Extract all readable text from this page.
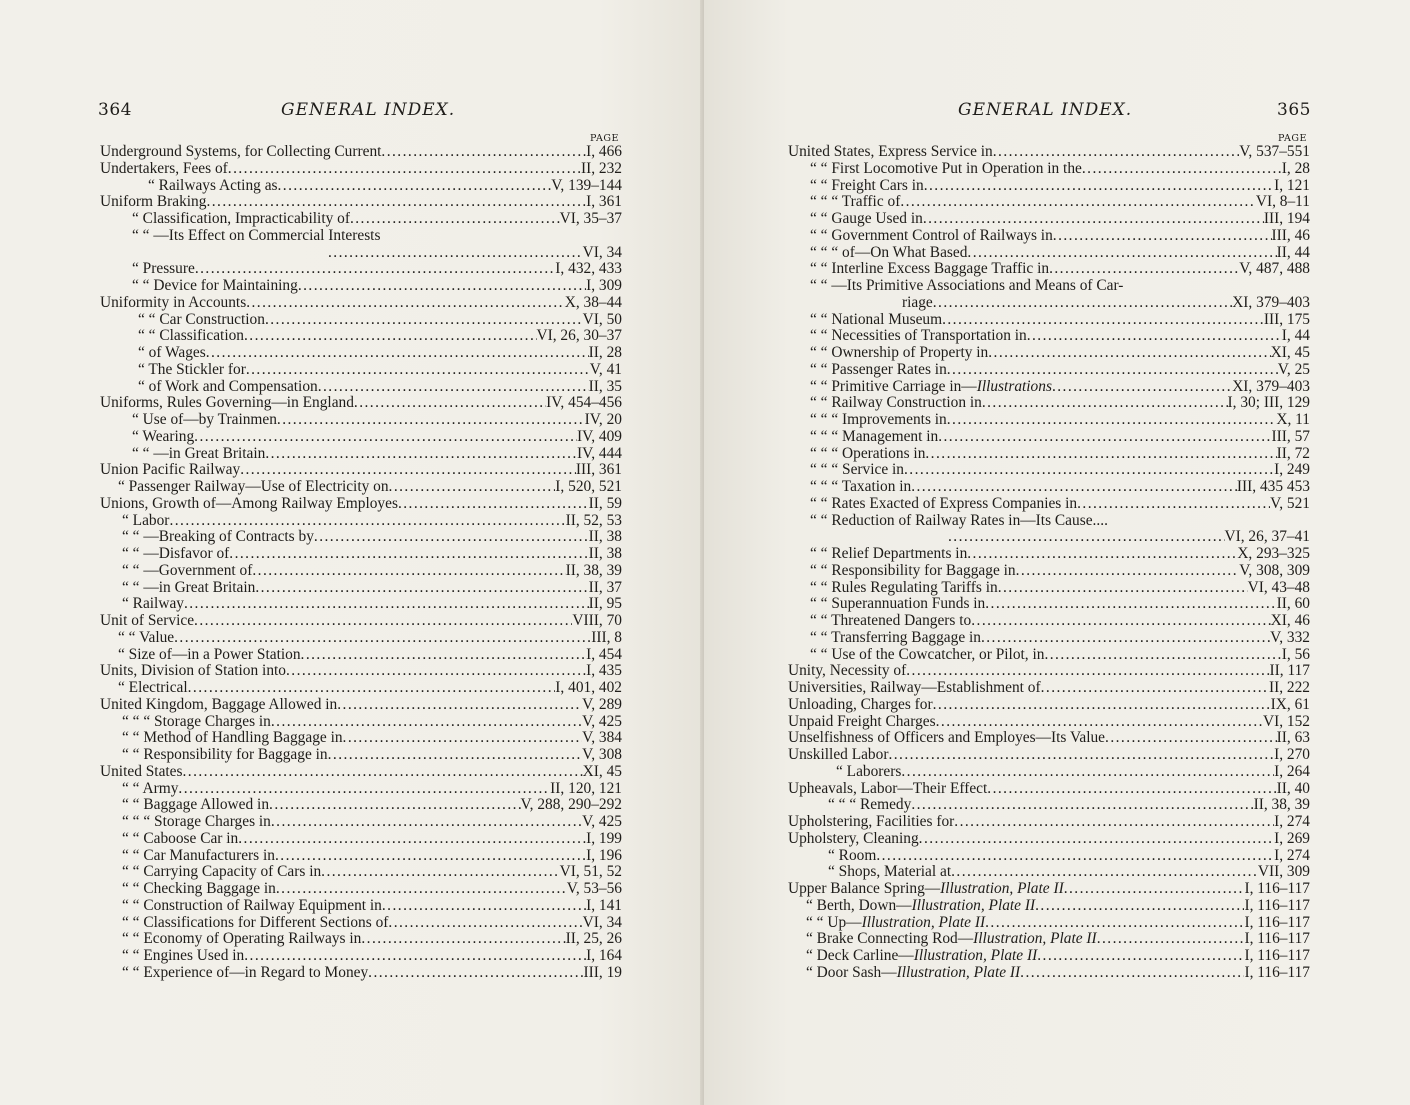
364	GENERAL INDEX.
PAGE
Underground Systems, for Collecting Current . . .	I, 466
Undertakers, Fees of . . .	II, 232
“ Railways Acting as . . .	V, 139–144
Uniform Braking . . .	I, 361
“ Classification, Impracticability of . . .	VI, 35–37
“ “ —Its Effect on Commercial Interests
. . .
VI, 34
“ Pressure . . .	I, 432, 433
“ “ Device for Maintaining . . .	I, 309
Uniformity in Accounts . . .	X, 38–44
“ “ Car Construction . . .	VI, 50
“ “ Classification . . .	VI, 26, 30–37
“ of Wages . . .	II, 28
“ The Stickler for . . .	V, 41
“ of Work and Compensation . . .	II, 35
Uniforms, Rules Governing—in England . . .	IV, 454–456
“ Use of—by Trainmen . . .	IV, 20
“ Wearing . . .	IV, 409
“ “ —in Great Britain . . .	IV, 444
Union Pacific Railway . . .	III, 361
“ Passenger Railway—Use of Electricity on . . .	I, 520, 521
Unions, Growth of—Among Railway Employes . . .	II, 59
“ Labor . . .	II, 52, 53
“ “ —Breaking of Contracts by . . .	II, 38
“ “ —Disfavor of . . .	II, 38
“ “ —Government of . . .	II, 38, 39
“ “ —in Great Britain . . .	II, 37
“ Railway . . .	II, 95
Unit of Service . . .	VIII, 70
“ “ Value . . .	III, 8
“ Size of—in a Power Station . . .	I, 454
Units, Division of Station into . . .	I, 435
“ Electrical . . .	I, 401, 402
United Kingdom, Baggage Allowed in . . .	V, 289
“ “ “ Storage Charges in . . .	V, 425
“ “ Method of Handling Baggage in . . .	V, 384
“ “ Responsibility for Baggage in . . .	V, 308
United States . . .	XI, 45
“ “ Army . . .	II, 120, 121
“ “ Baggage Allowed in . . .	V, 288, 290–292
“ “ “ Storage Charges in . . .	V, 425
“ “ Caboose Car in . . .	I, 199
“ “ Car Manufacturers in . . .	I, 196
“ “ Carrying Capacity of Cars in . . .	VI, 51, 52
“ “ Checking Baggage in . . .	V, 53–56
“ “ Construction of Railway Equipment in . . .	I, 141
“ “ Classifications for Different Sections of . . .	VI, 34
“ “ Economy of Operating Railways in . . .	II, 25, 26
“ “ Engines Used in . . .	I, 164
“ “ Experience of—in Regard to Money . . .	III, 19
GENERAL INDEX.	365
PAGE
United States, Express Service in . . .	V, 537–551
“ “ First Locomotive Put in Operation in the . . .	I, 28
“ “ Freight Cars in . . .	I, 121
“ “ “ Traffic of . . .	VI, 8–11
“ “ Gauge Used in . . .	III, 194
“ “ Government Control of Railways in . . .	III, 46
“ “ “ of—On What Based . . .	II, 44
“ “ Interline Excess Baggage Traffic in . . .	V, 487, 488
“ “ —Its Primitive Associations and Means of Car-
riage . . .	XI, 379–403
“ “ National Museum . . .	III, 175
“ “ Necessities of Transportation in . . .	I, 44
“ “ Ownership of Property in . . .	XI, 45
“ “ Passenger Rates in . . .	V, 25
“ “ Primitive Carriage in— Illustrations . . .	XI, 379–403
“ “ Railway Construction in . . .	I, 30; III, 129
“ “ “ Improvements in . . .	X, 11
“ “ “ Management in . . .	III, 57
“ “ “ Operations in . . .	II, 72
“ “ “ Service in . . .	I, 249
“ “ “ Taxation in . . .	III, 435 453
“ “ Rates Exacted of Express Companies in . . .	V, 521
“ “ Reduction of Railway Rates in—Its Cause....
. . .
VI, 26, 37–41
“ “ Relief Departments in . . .	X, 293–325
“ “ Responsibility for Baggage in . . .	V, 308, 309
“ “ Rules Regulating Tariffs in . . .	VI, 43–48
“ “ Superannuation Funds in . . .	II, 60
“ “ Threatened Dangers to . . .	XI, 46
“ “ Transferring Baggage in . . .	V, 332
“ “ Use of the Cowcatcher, or Pilot, in . . .	I, 56
Unity, Necessity of . . .	II, 117
Universities, Railway—Establishment of . . .	II, 222
Unloading, Charges for . . .	IX, 61
Unpaid Freight Charges . . .	VI, 152
Unselfishness of Officers and Employes—Its Value . . .	II, 63
Unskilled Labor . . .	I, 270
“ Laborers . . .	I, 264
Upheavals, Labor—Their Effect . . .	II, 40
“ “ “ Remedy . . .	II, 38, 39
Upholstering, Facilities for . . .	I, 274
Upholstery, Cleaning . . .	I, 269
“ Room . . .	I, 274
“ Shops, Material at . . .	VII, 309
Upper Balance Spring— Illustration, Plate II . . .	I, 116–117
“ Berth, Down— Illustration, Plate II . . .	I, 116–117
“ “ Up— Illustration, Plate II . . .	I, 116–117
“ Brake Connecting Rod— Illustration, Plate II . . .	I, 116–117
“ Deck Carline— Illustration, Plate II . . .	I, 116–117
“ Door Sash— Illustration, Plate II . . .	I, 116–117
